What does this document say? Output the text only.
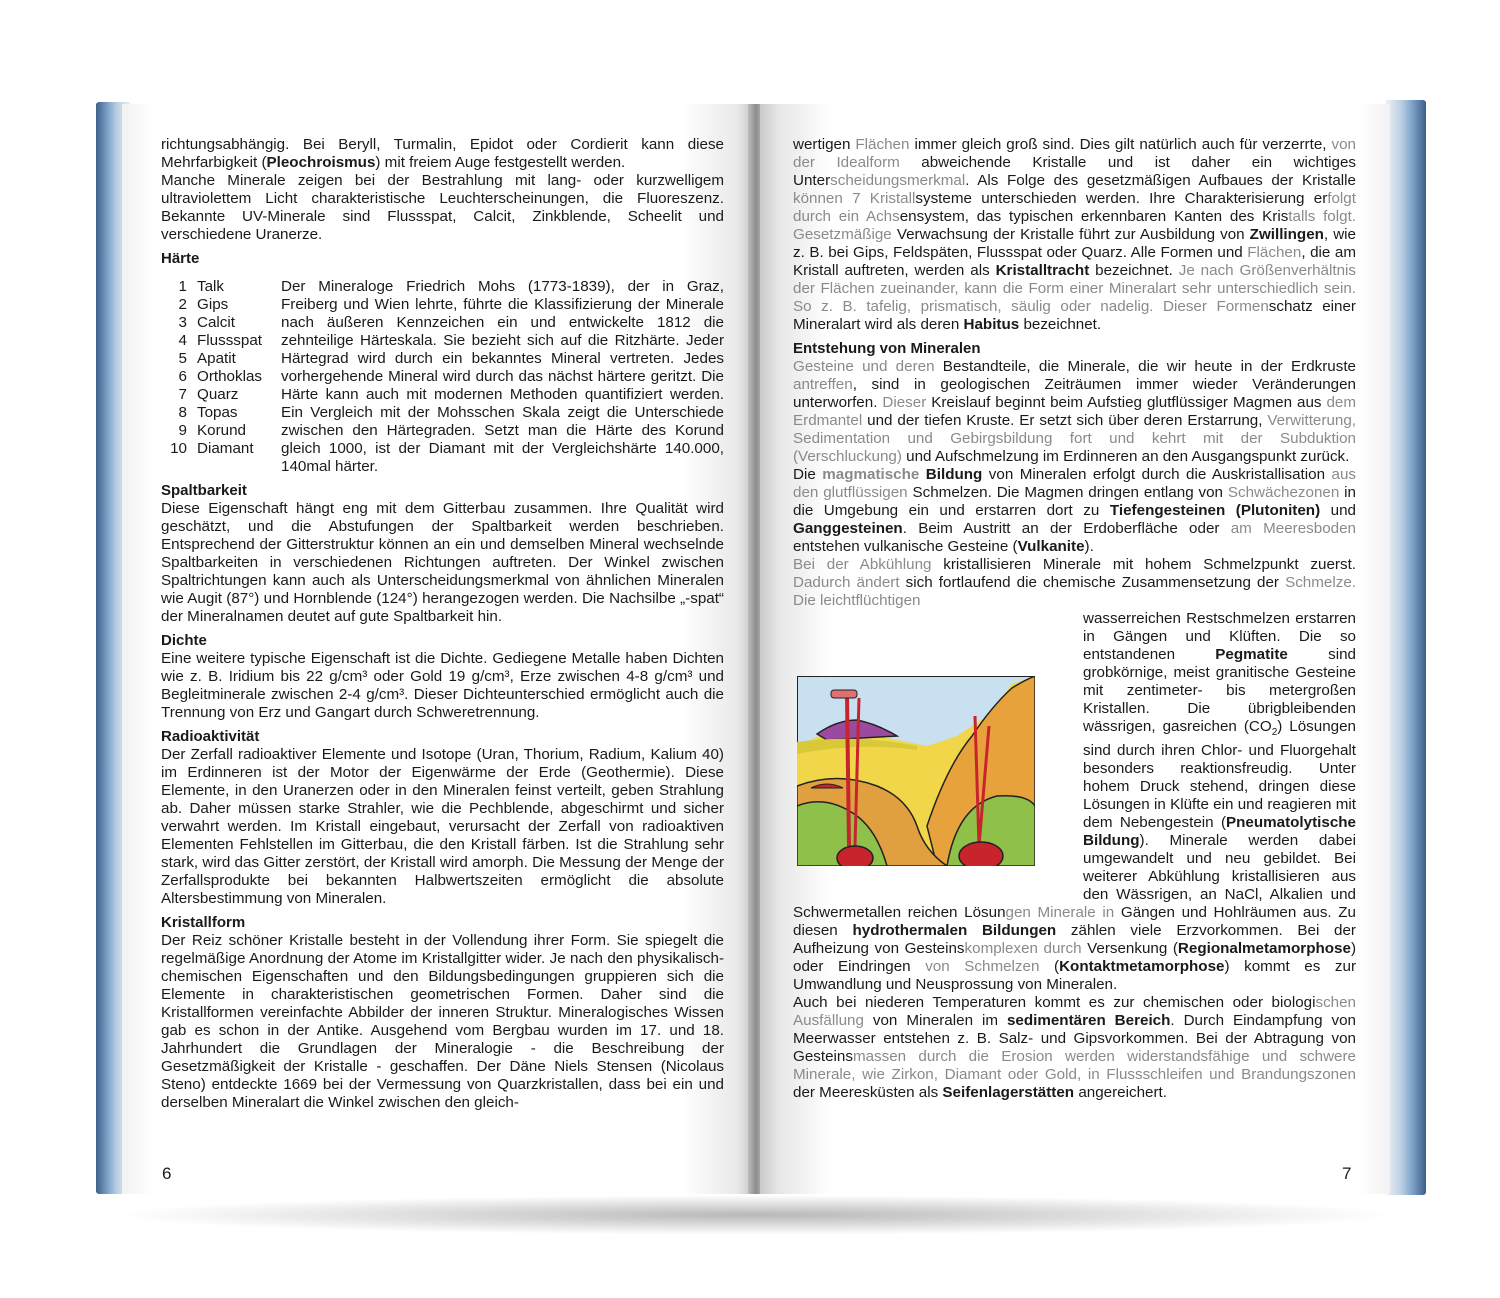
richtungsabhängig. Bei Beryll, Turmalin, Epidot oder Cordierit kann diese Mehrfarbigkeit (Pleochroismus) mit freiem Auge festgestellt werden.

Manche Minerale zeigen bei der Bestrahlung mit lang- oder kurzwelligem ultraviolettem Licht charakteristische Leuchterscheinungen, die Fluoreszenz. Bekannte UV-Minerale sind Flussspat, Calcit, Zinkblende, Scheelit und verschiedene Uranerze.

Härte
1 Talk
2 Gips
3 Calcit
4 Flussspat
5 Apatit
6 Orthoklas
7 Quarz
8 Topas
9 Korund
10 Diamant

Der Mineraloge Friedrich Mohs (1773-1839), der in Graz, Freiberg und Wien lehrte, führte die Klassifizierung der Minerale nach äußeren Kennzeichen ein und entwickelte 1812 die zehnteilige Härteskala. Sie bezieht sich auf die Ritzhärte. Jeder Härtegrad wird durch ein bekanntes Mineral vertreten. Jedes vorhergehende Mineral wird durch das nächst härtere geritzt. Die Härte kann auch mit modernen Methoden quantifiziert werden. Ein Vergleich mit der Mohsschen Skala zeigt die Unterschiede zwischen den Härtegraden. Setzt man die Härte des Korund gleich 1000, ist der Diamant mit der Vergleichshärte 140.000, 140mal härter.

Spaltbarkeit

Diese Eigenschaft hängt eng mit dem Gitterbau zusammen. Ihre Qualität wird geschätzt, und die Abstufungen der Spaltbarkeit werden beschrieben. Entsprechend der Gitterstruktur können an ein und demselben Mineral wechselnde Spaltbarkeiten in verschiedenen Richtungen auftreten. Der Winkel zwischen Spaltrichtungen kann auch als Unterscheidungsmerkmal von ähnlichen Mineralen wie Augit (87°) und Hornblende (124°) herangezogen werden. Die Nachsilbe „-spat“ der Mineralnamen deutet auf gute Spaltbarkeit hin.

Dichte

Eine weitere typische Eigenschaft ist die Dichte. Gediegene Metalle haben Dichten wie z. B. Iridium bis 22 g/cm³ oder Gold 19 g/cm³, Erze zwischen 4-8 g/cm³ und Begleitminerale zwischen 2-4 g/cm³. Dieser Dichteunterschied ermöglicht auch die Trennung von Erz und Gangart durch Schweretrennung.

Radioaktivität

Der Zerfall radioaktiver Elemente und Isotope (Uran, Thorium, Radium, Kalium 40) im Erdinneren ist der Motor der Eigenwärme der Erde (Geothermie). Diese Elemente, in den Uranerzen oder in den Mineralen feinst verteilt, geben Strahlung ab. Daher müssen starke Strahler, wie die Pechblende, abgeschirmt und sicher verwahrt werden. Im Kristall eingebaut, verursacht der Zerfall von radioaktiven Elementen Fehlstellen im Gitterbau, die den Kristall färben. Ist die Strahlung sehr stark, wird das Gitter zerstört, der Kristall wird amorph. Die Messung der Menge der Zerfallsprodukte bei bekannten Halbwertszeiten ermöglicht die absolute Altersbestimmung von Mineralen.

Kristallform

Der Reiz schöner Kristalle besteht in der Vollendung ihrer Form. Sie spiegelt die regelmäßige Anordnung der Atome im Kristallgitter wider. Je nach den physikalisch-chemischen Eigenschaften und den Bildungsbedingungen gruppieren sich die Elemente in charakteristischen geometrischen Formen. Daher sind die Kristallformen vereinfachte Abbilder der inneren Struktur. Mineralogisches Wissen gab es schon in der Antike. Ausgehend vom Bergbau wurden im 17. und 18. Jahrhundert die Grundlagen der Mineralogie - die Beschreibung der Gesetzmäßigkeit der Kristalle - geschaffen. Der Däne Niels Stensen (Nicolaus Steno) entdeckte 1669 bei der Vermessung von Quarzkristallen, dass bei ein und derselben Mineralart die Winkel zwischen den gleich-

6

wertigen Flächen immer gleich groß sind. Dies gilt natürlich auch für verzerrte, von der Idealform abweichende Kristalle und ist daher ein wichtiges Unterscheidungsmerkmal. Als Folge des gesetzmäßigen Aufbaues der Kristalle können 7 Kristallsysteme unterschieden werden. Ihre Charakterisierung erfolgt durch ein Achsensystem, das typischen erkennbaren Kanten des Kristalls folgt. Gesetzmäßige Verwachsung der Kristalle führt zur Ausbildung von Zwillingen, wie z. B. bei Gips, Feldspäten, Flussspat oder Quarz. Alle Formen und Flächen, die am Kristall auftreten, werden als Kristalltracht bezeichnet. Je nach Größenverhältnis der Flächen zueinander, kann die Form einer Mineralart sehr unterschiedlich sein. So z. B. tafelig, prismatisch, säulig oder nadelig. Dieser Formenschatz einer Mineralart wird als deren Habitus bezeichnet.

Entstehung von Mineralen

Gesteine und deren Bestandteile, die Minerale, die wir heute in der Erdkruste antreffen, sind in geologischen Zeiträumen immer wieder Veränderungen unterworfen. Dieser Kreislauf beginnt beim Aufstieg glutflüssiger Magmen aus dem Erdmantel und der tiefen Kruste. Er setzt sich über deren Erstarrung, Verwitterung, Sedimentation und Gebirgsbildung fort und kehrt mit der Subduktion (Verschluckung) und Aufschmelzung im Erdinneren an den Ausgangspunkt zurück.

Die magmatische Bildung von Mineralen erfolgt durch die Auskristallisation aus den glutflüssigen Schmelzen. Die Magmen dringen entlang von Schwächezonen in die Umgebung ein und erstarren dort zu Tiefengesteinen (Plutoniten) und Ganggesteinen. Beim Austritt an der Erdoberfläche oder am Meeresboden entstehen vulkanische Gesteine (Vulkanite).

Bei der Abkühlung kristallisieren Minerale mit hohem Schmelzpunkt zuerst. Dadurch ändert sich fortlaufend die chemische Zusammensetzung der Schmelze. Die leichtflüchtigen
wasserreichen Restschmelzen erstarren in Gängen und Klüften. Die so entstandenen Pegmatite sind grobkörnige, meist granitische Gesteine mit zentimeter- bis metergroßen Kristallen. Die übrigbleibenden wässrigen, gasreichen $(CO_2)$ Lösungen sind durch ihren Chlor- und Fluorgehalt besonders reaktionsfreudig. Unter hohem Druck stehend, dringen diese Lösungen in Klüfte ein und reagieren mit dem Nebengestein (Pneumatolytische Bildung). Minerale werden dabei umgewandelt und neu gebildet. Bei weiterer Abkühlung kristallisieren aus den Wässrigen, an NaCl, Alkalien und Schwermetallen reichen Lösungen Minerale in Gängen und Hohlräumen aus. Zu diesen hydrothermalen Bildungen zählen viele Erzvorkommen. Bei der Aufheizung von Gesteinskomplexen durch Versenkung (Regionalmetamorphose) oder Eindringen von Schmelzen (Kontaktmetamorphose) kommt es zur Umwandlung und Neusprossung von Mineralen.

Auch bei niederen Temperaturen kommt es zur chemischen oder biologischen Ausfällung von Mineralen im sedimentären Bereich. Durch Eindampfung von Meerwasser entstehen z. B. Salz- und Gipsvorkommen. Bei der Abtragung von Gesteinsmassen durch die Erosion werden widerstandsfähige und schwere Minerale, wie Zirkon, Diamant oder Gold, in Flussschleifen und Brandungszonen der Meeresküsten als Seifenlagerstätten angereichert.

7
